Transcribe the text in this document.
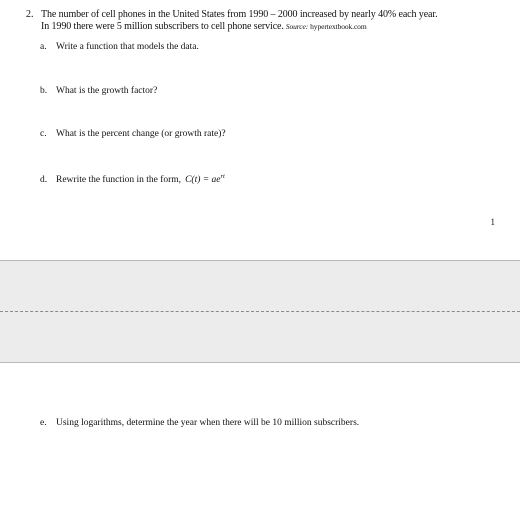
2. The number of cell phones in the United States from 1990 – 2000 increased by nearly 40% each year.
In 1990 there were 5 million subscribers to cell phone service. Source: hypertextbook.com
a. Write a function that models the data.
b. What is the growth factor?
c. What is the percent change (or growth rate)?
d. Rewrite the function in the form, $C(t) = ae^{rt}$
1
e. Using logarithms, determine the year when there will be 10 million subscribers.
